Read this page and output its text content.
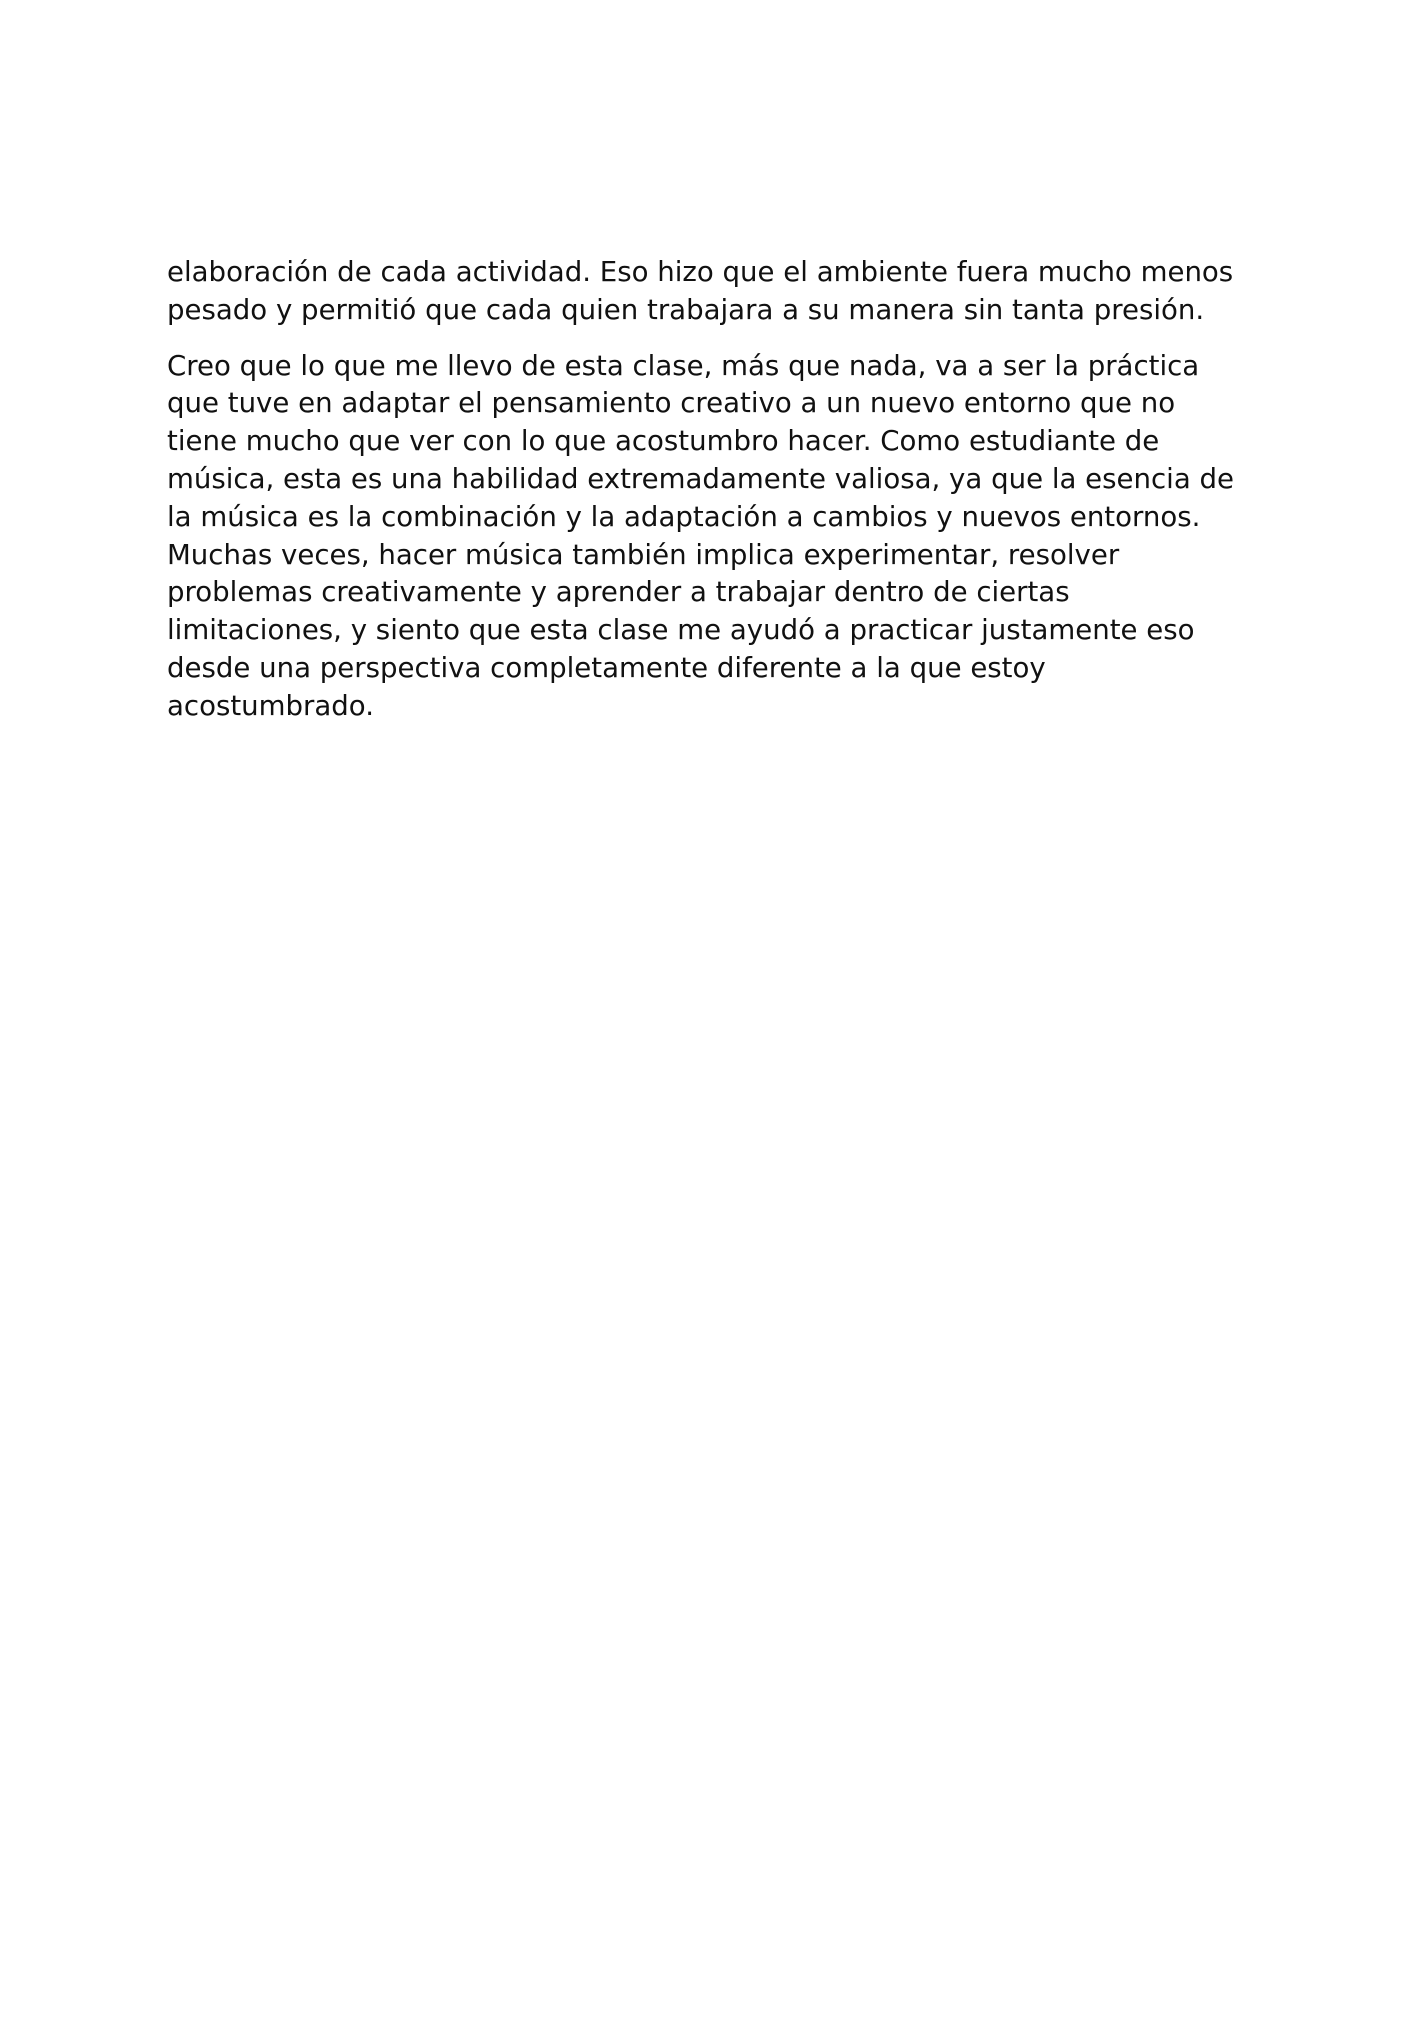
elaboración de cada actividad. Eso hizo que el ambiente fuera mucho menos
pesado y permitió que cada quien trabajara a su manera sin tanta presión.
Creo que lo que me llevo de esta clase, más que nada, va a ser la práctica
que tuve en adaptar el pensamiento creativo a un nuevo entorno que no
tiene mucho que ver con lo que acostumbro hacer. Como estudiante de
música, esta es una habilidad extremadamente valiosa, ya que la esencia de
la música es la combinación y la adaptación a cambios y nuevos entornos.
Muchas veces, hacer música también implica experimentar, resolver
problemas creativamente y aprender a trabajar dentro de ciertas
limitaciones, y siento que esta clase me ayudó a practicar justamente eso
desde una perspectiva completamente diferente a la que estoy
acostumbrado.
